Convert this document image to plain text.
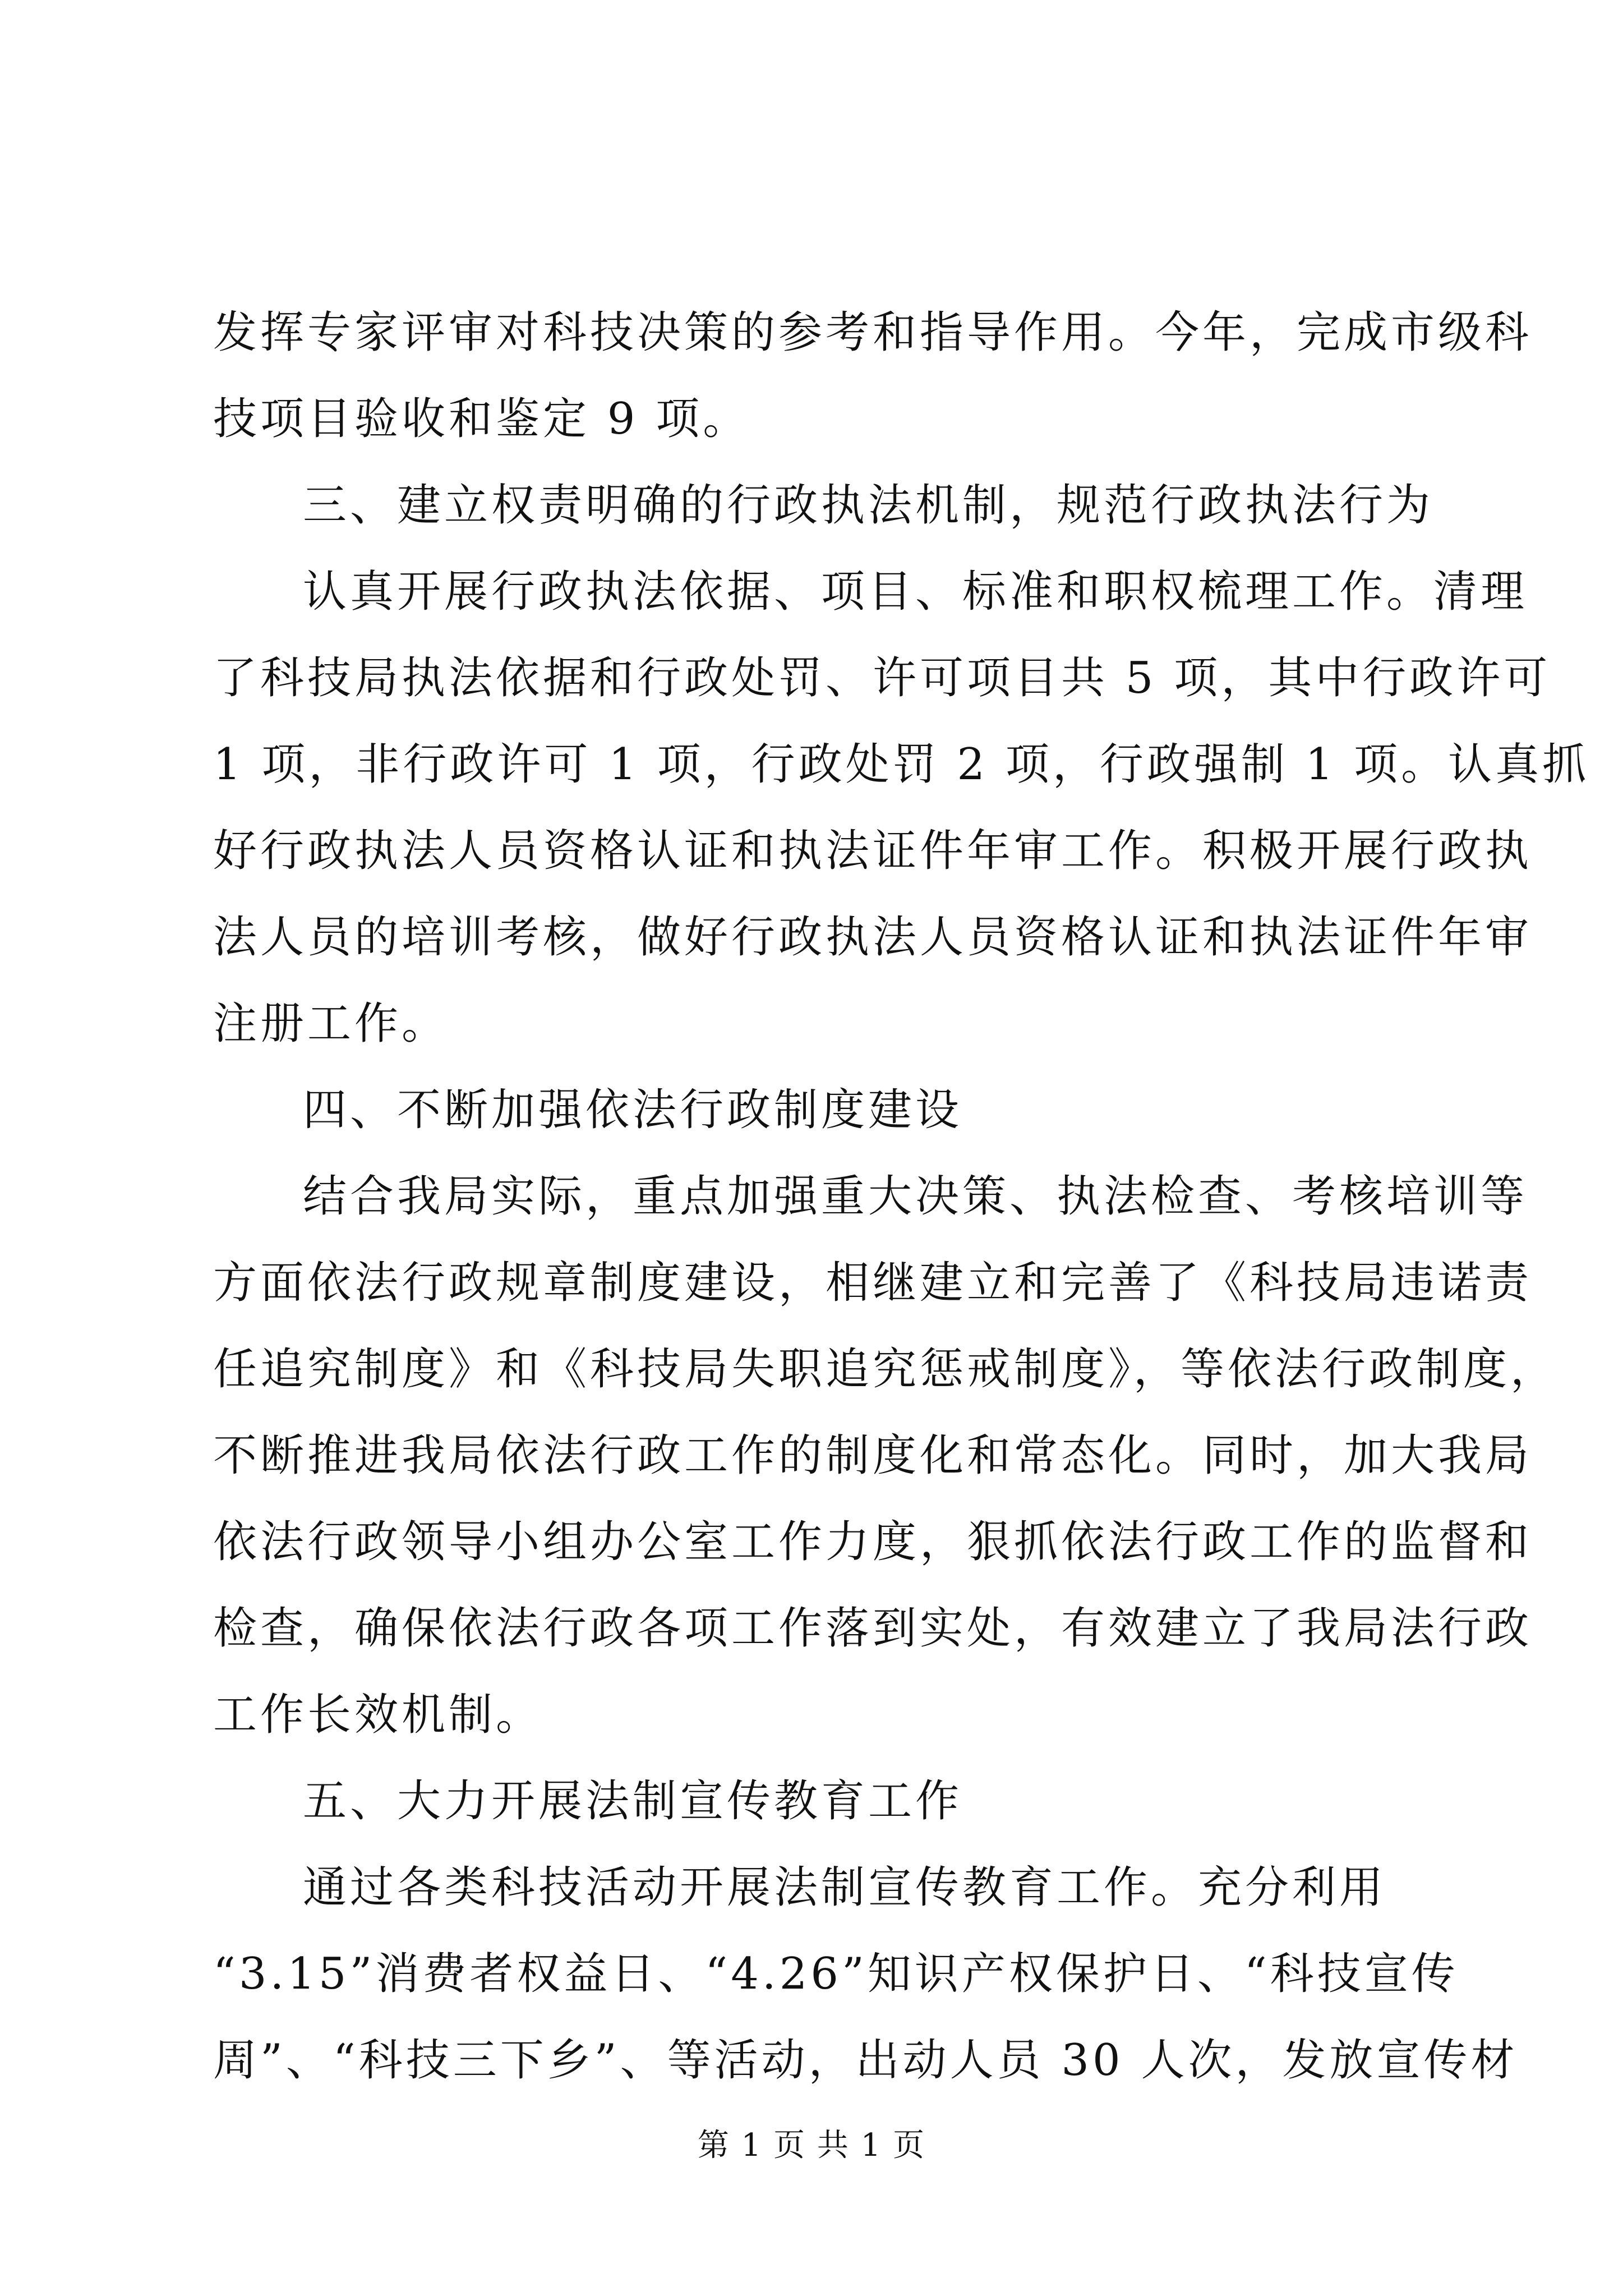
发挥专家评审对科技决策的参考和指导作用。今年，完成市级科
技项目验收和鉴定 9 项。
三、建立权责明确的行政执法机制，规范行政执法行为
认真开展行政执法依据、项目、标准和职权梳理工作。清理
了科技局执法依据和行政处罚、许可项目共 5 项，其中行政许可
1 项，非行政许可 1 项，行政处罚 2 项，行政强制 1 项。认真抓
好行政执法人员资格认证和执法证件年审工作。积极开展行政执
法人员的培训考核，做好行政执法人员资格认证和执法证件年审
注册工作。
四、不断加强依法行政制度建设
结合我局实际，重点加强重大决策、执法检查、考核培训等
方面依法行政规章制度建设，相继建立和完善了《科技局违诺责
任追究制度》和《科技局失职追究惩戒制度》，等依法行政制度，
不断推进我局依法行政工作的制度化和常态化。同时，加大我局
依法行政领导小组办公室工作力度，狠抓依法行政工作的监督和
检查，确保依法行政各项工作落到实处，有效建立了我局法行政
工作长效机制。
五、大力开展法制宣传教育工作
通过各类科技活动开展法制宣传教育工作。充分利用
“3.15”消费者权益日、“4.26”知识产权保护日、“科技宣传
周”、“科技三下乡”、等活动，出动人员 30 人次，发放宣传材
第 1 页 共 1 页
